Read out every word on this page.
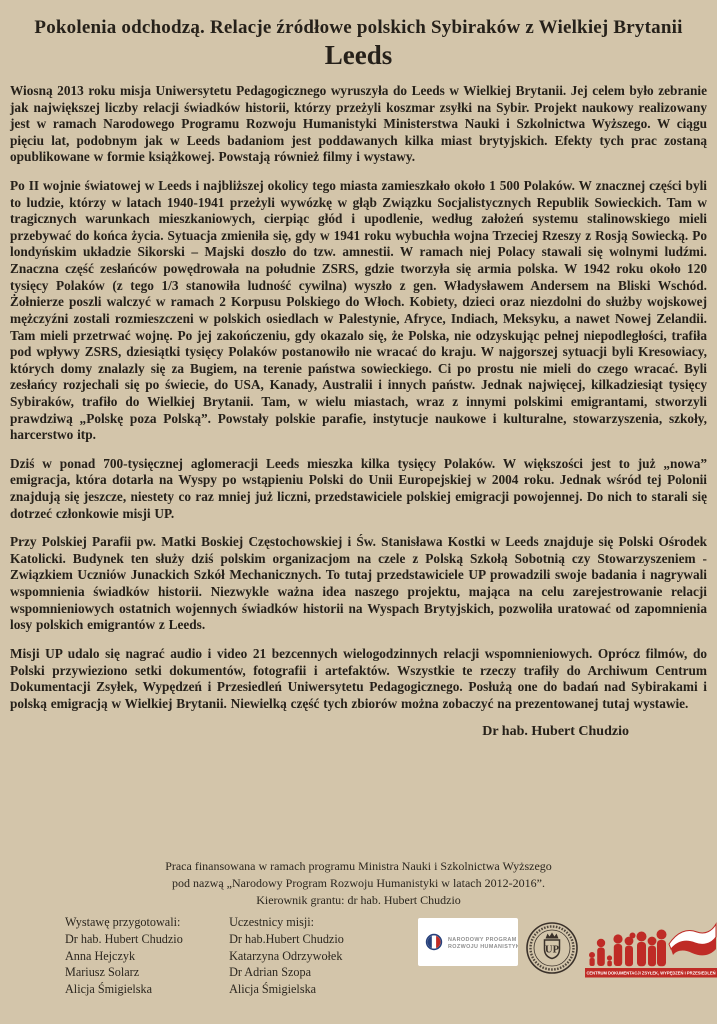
Pokolenia odchodzą. Relacje źródłowe polskich Sybiraków z Wielkiej Brytanii
Leeds

Wiosną 2013 roku misja Uniwersytetu Pedagogicznego wyruszyła do Leeds w Wielkiej Brytanii. Jej celem było zebranie jak największej liczby relacji świadków historii, którzy przeżyli koszmar zsyłki na Sybir. Projekt naukowy realizowany jest w ramach Narodowego Programu Rozwoju Humanistyki Ministerstwa Nauki i Szkolnictwa Wyższego. W ciągu pięciu lat, podobnym jak w Leeds badaniom jest poddawanych kilka miast brytyjskich. Efekty tych prac zostaną opublikowane w formie książkowej. Powstają również filmy i wystawy.

Po II wojnie światowej w Leeds i najbliższej okolicy tego miasta zamieszkało około 1 500 Polaków. W znacznej części byli to ludzie, którzy w latach 1940-1941 przeżyli wywózkę w głąb Związku Socjalistycznych Republik Sowieckich. Tam w tragicznych warunkach mieszkaniowych, cierpiąc głód i upodlenie, według założeń systemu stalinowskiego mieli przebywać do końca życia. Sytuacja zmieniła się, gdy w 1941 roku wybuchła wojna Trzeciej Rzeszy z Rosją Sowiecką. Po londyńskim układzie Sikorski – Majski doszło do tzw. amnestii. W ramach niej Polacy stawali się wolnymi ludźmi. Znaczna część zesłańców powędrowała na południe ZSRS, gdzie tworzyła się armia polska. W 1942 roku około 120 tysięcy Polaków (z tego 1/3 stanowiła ludność cywilna) wyszło z gen. Władysławem Andersem na Bliski Wschód. Żołnierze poszli walczyć w ramach 2 Korpusu Polskiego do Włoch. Kobiety, dzieci oraz niezdolni do służby wojskowej mężczyźni zostali rozmieszczeni w polskich osiedlach w Palestynie, Afryce, Indiach, Meksyku, a nawet Nowej Zelandii. Tam mieli przetrwać wojnę. Po jej zakończeniu, gdy okazalo się, że Polska, nie odzyskując pełnej niepodległości, trafiła pod wpływy ZSRS, dziesiątki tysięcy Polaków postanowiło nie wracać do kraju. W najgorszej sytuacji byli Kresowiacy, których domy znalazly się za Bugiem, na terenie państwa sowieckiego. Ci po prostu nie mieli do czego wracać. Byli zesłańcy rozjechali się po świecie, do USA, Kanady, Australii i innych państw. Jednak najwięcej, kilkadziesiąt tysięcy Sybiraków, trafiło do Wielkiej Brytanii. Tam, w wielu miastach, wraz z innymi polskimi emigrantami, stworzyli prawdziwą „Polskę poza Polską”. Powstały polskie parafie, instytucje naukowe i kulturalne, stowarzyszenia, szkoły, harcerstwo itp.

Dziś w ponad 700-tysięcznej aglomeracji Leeds mieszka kilka tysięcy Polaków. W większości jest to już „nowa” emigracja, która dotarła na Wyspy po wstąpieniu Polski do Unii Europejskiej w 2004 roku. Jednak wśród tej Polonii znajdują się jeszcze, niestety co raz mniej już liczni, przedstawiciele polskiej emigracji powojennej. Do nich to starali się dotrzeć członkowie misji UP.

Przy Polskiej Parafii pw. Matki Boskiej Częstochowskiej i Św. Stanisława Kostki w Leeds znajduje się Polski Ośrodek Katolicki. Budynek ten służy dziś polskim organizacjom na czele z Polską Szkołą Sobotnią czy Stowarzyszeniem - Związkiem Uczniów Junackich Szkół Mechanicznych. To tutaj przedstawiciele UP prowadzili swoje badania i nagrywali wspomnienia świadków historii. Niezwykle ważna idea naszego projektu, mająca na celu zarejestrowanie relacji wspomnieniowych ostatnich wojennych świadków historii na Wyspach Brytyjskich, pozwoliła uratować od zapomnienia losy polskich emigrantów z Leeds.

Misji UP udalo się nagrać audio i video 21 bezcennych wielogodzinnych relacji wspomnieniowych. Oprócz filmów, do Polski przywieziono setki dokumentów, fotografii i artefaktów. Wszystkie te rzeczy trafiły do Archiwum Centrum Dokumentacji Zsyłek, Wypędzeń i Przesiedleń Uniwersytetu Pedagogicznego. Posłużą one do badań nad Sybirakami i polską emigracją w Wielkiej Brytanii. Niewielką część tych zbiorów można zobaczyć na prezentowanej tutaj wystawie.

Dr hab. Hubert Chudzio
Praca finansowana w ramach programu Ministra Nauki i Szkolnictwa Wyższego
pod nazwą „Narodowy Program Rozwoju Humanistyki w latach 2012-2016”.
Kierownik grantu: dr hab. Hubert Chudzio
Wystawę przygotowali:
Dr hab. Hubert Chudzio
Anna Hejczyk
Mariusz Solarz
Alicja Śmigielska
Uczestnicy misji:
Dr hab.Hubert Chudzio
Katarzyna Odrzywołek
Dr Adrian Szopa
Alicja Śmigielska
NARODOWY PROGRAM
ROZWOJU HUMANISTYKI UP
CENTRUM DOKUMENTACJI ZSYŁEK, WYPĘDZEŃ I PRZESIEDLEŃ
